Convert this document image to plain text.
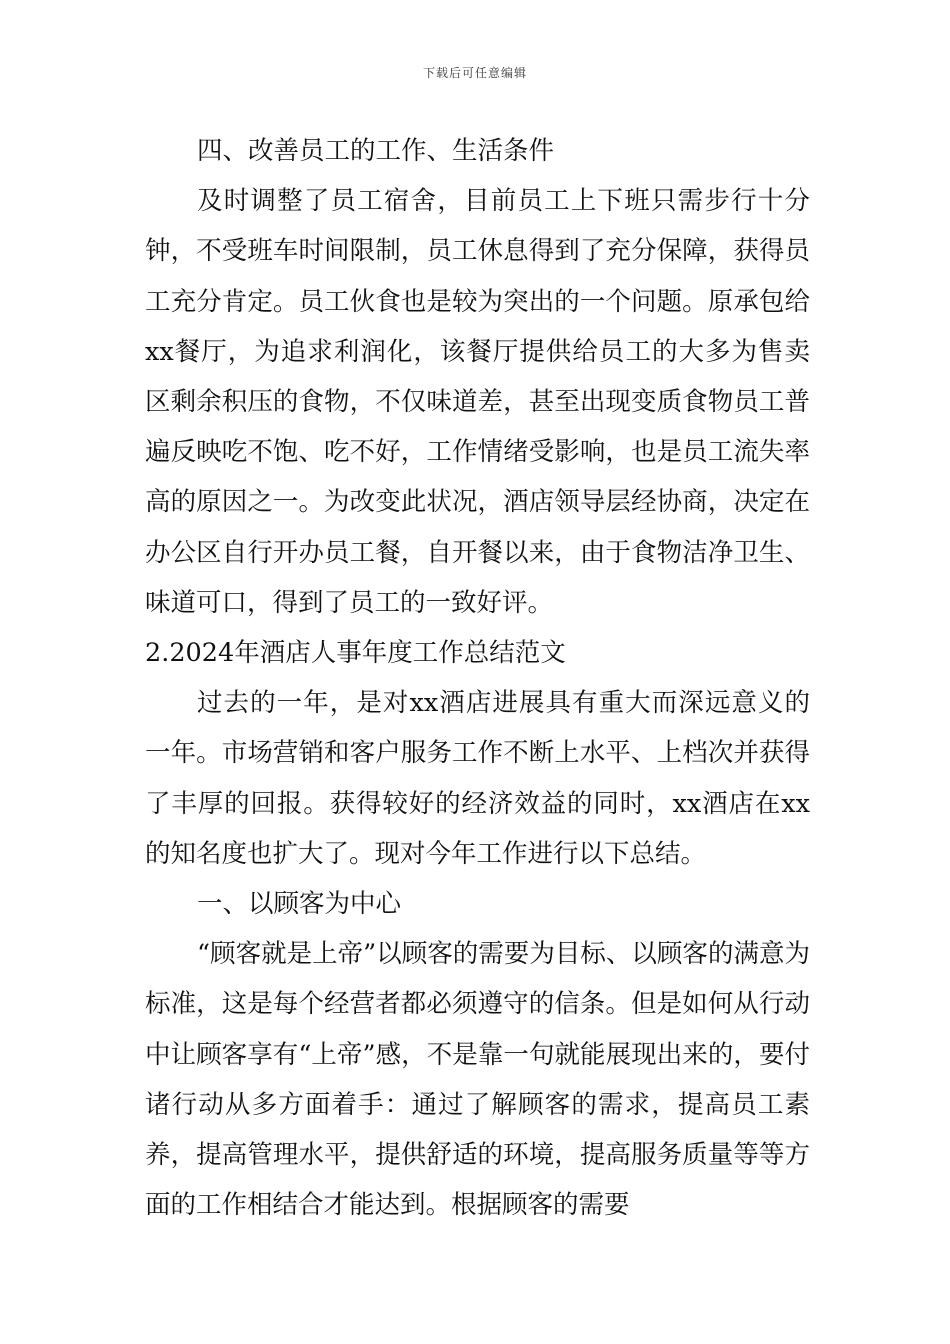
下载后可任意编辑

四、改善员工的工作、生活条件

及时调整了员工宿舍，目前员工上下班只需步行十分钟，不受班车时间限制，员工休息得到了充分保障，获得员工充分肯定。员工伙食也是较为突出的一个问题。原承包给xx餐厅，为追求利润化，该餐厅提供给员工的大多为售卖区剩余积压的食物，不仅味道差，甚至出现变质食物员工普遍反映吃不饱、吃不好，工作情绪受影响，也是员工流失率高的原因之一。为改变此状况，酒店领导层经协商，决定在办公区自行开办员工餐，自开餐以来，由于食物洁净卫生、味道可口，得到了员工的一致好评。

2.2024年酒店人事年度工作总结范文

过去的一年，是对xx酒店进展具有重大而深远意义的一年。市场营销和客户服务工作不断上水平、上档次并获得了丰厚的回报。获得较好的经济效益的同时，xx酒店在xx的知名度也扩大了。现对今年工作进行以下总结。

一、以顾客为中心

“顾客就是上帝”以顾客的需要为目标、以顾客的满意为标准，这是每个经营者都必须遵守的信条。但是如何从行动中让顾客享有“上帝”感，不是靠一句就能展现出来的，要付诸行动从多方面着手：通过了解顾客的需求，提高员工素养，提高管理水平，提供舒适的环境，提高服务质量等等方面的工作相结合才能达到。根据顾客的需要
